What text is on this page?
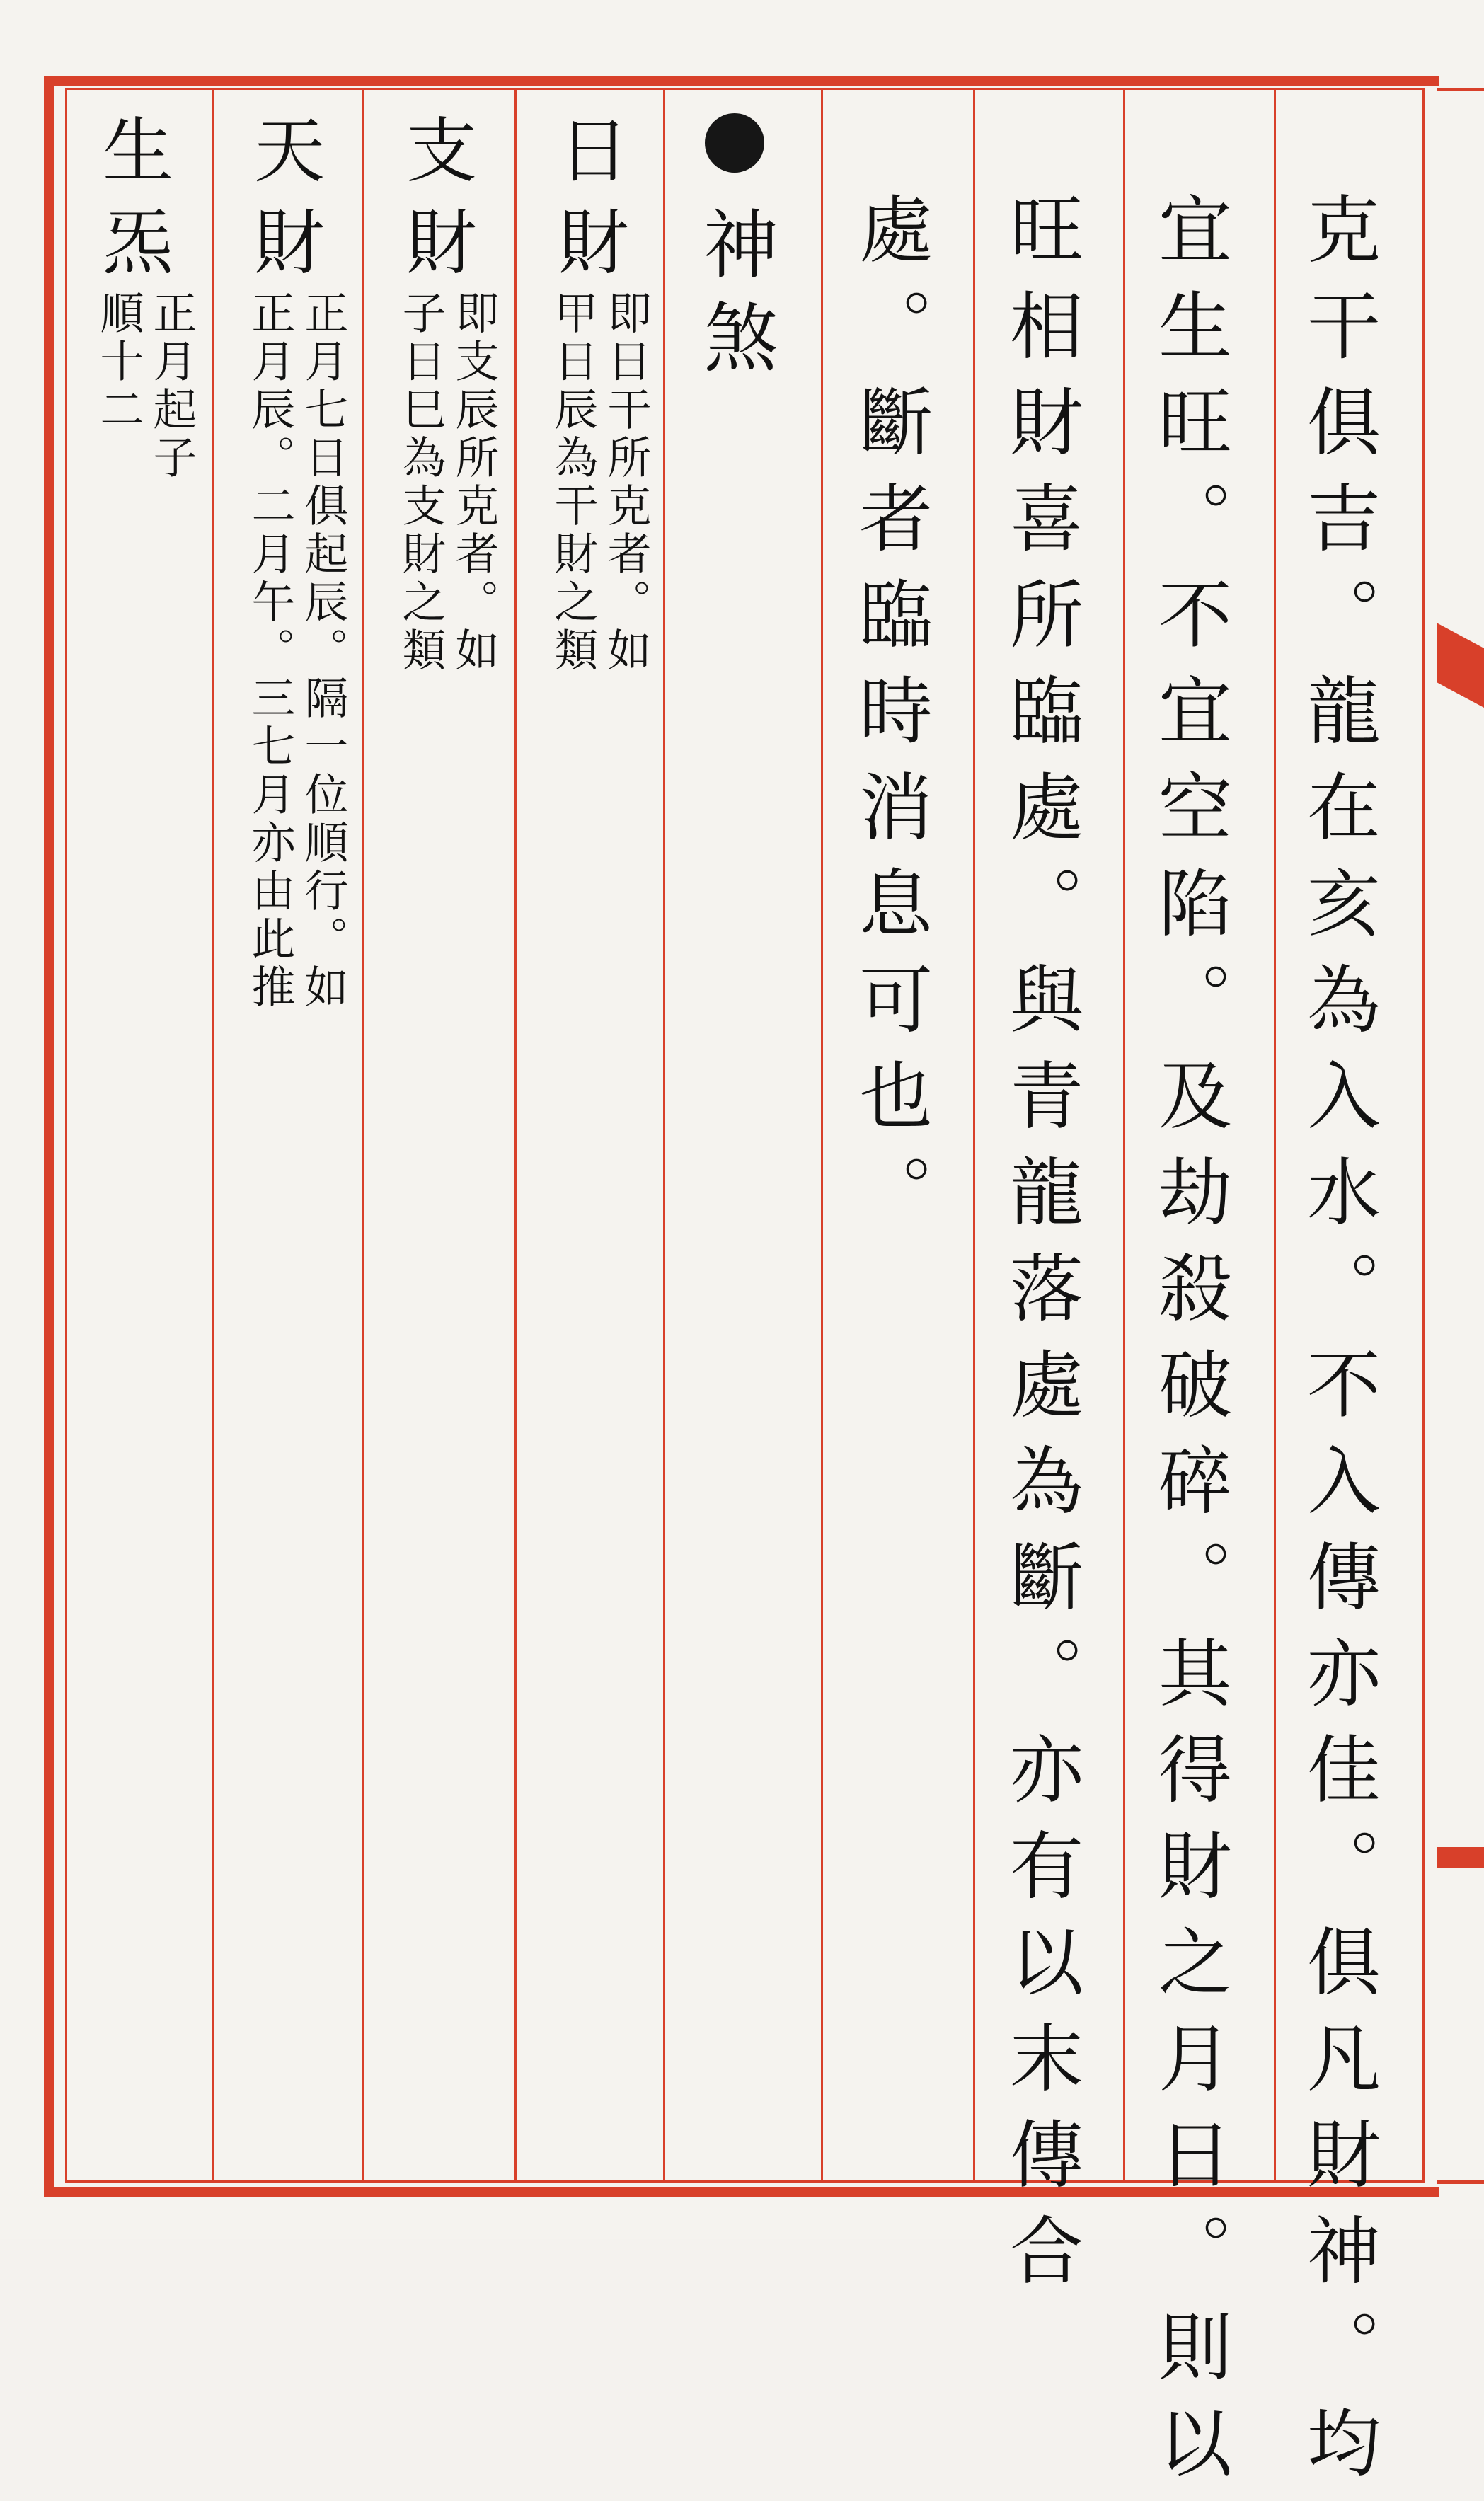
克干俱吉。龍在亥為入水。不入傳亦佳。俱凡財神。均
宜生旺。不宜空陷。及劫殺破碎。其得財之月日。則以
旺相財喜所臨處。與青龍落處為斷。亦有以末傳合
處。斷者臨時消息可也。
神煞
日財
即日干所克者。如
甲日辰為干財之類
支財
即支辰所克者。如
子日巳為支財之類
天財
正月七日俱起辰。隔一位順行。如
正月辰。二月午。三七月亦由此推
生炁
正月起子
順十二
